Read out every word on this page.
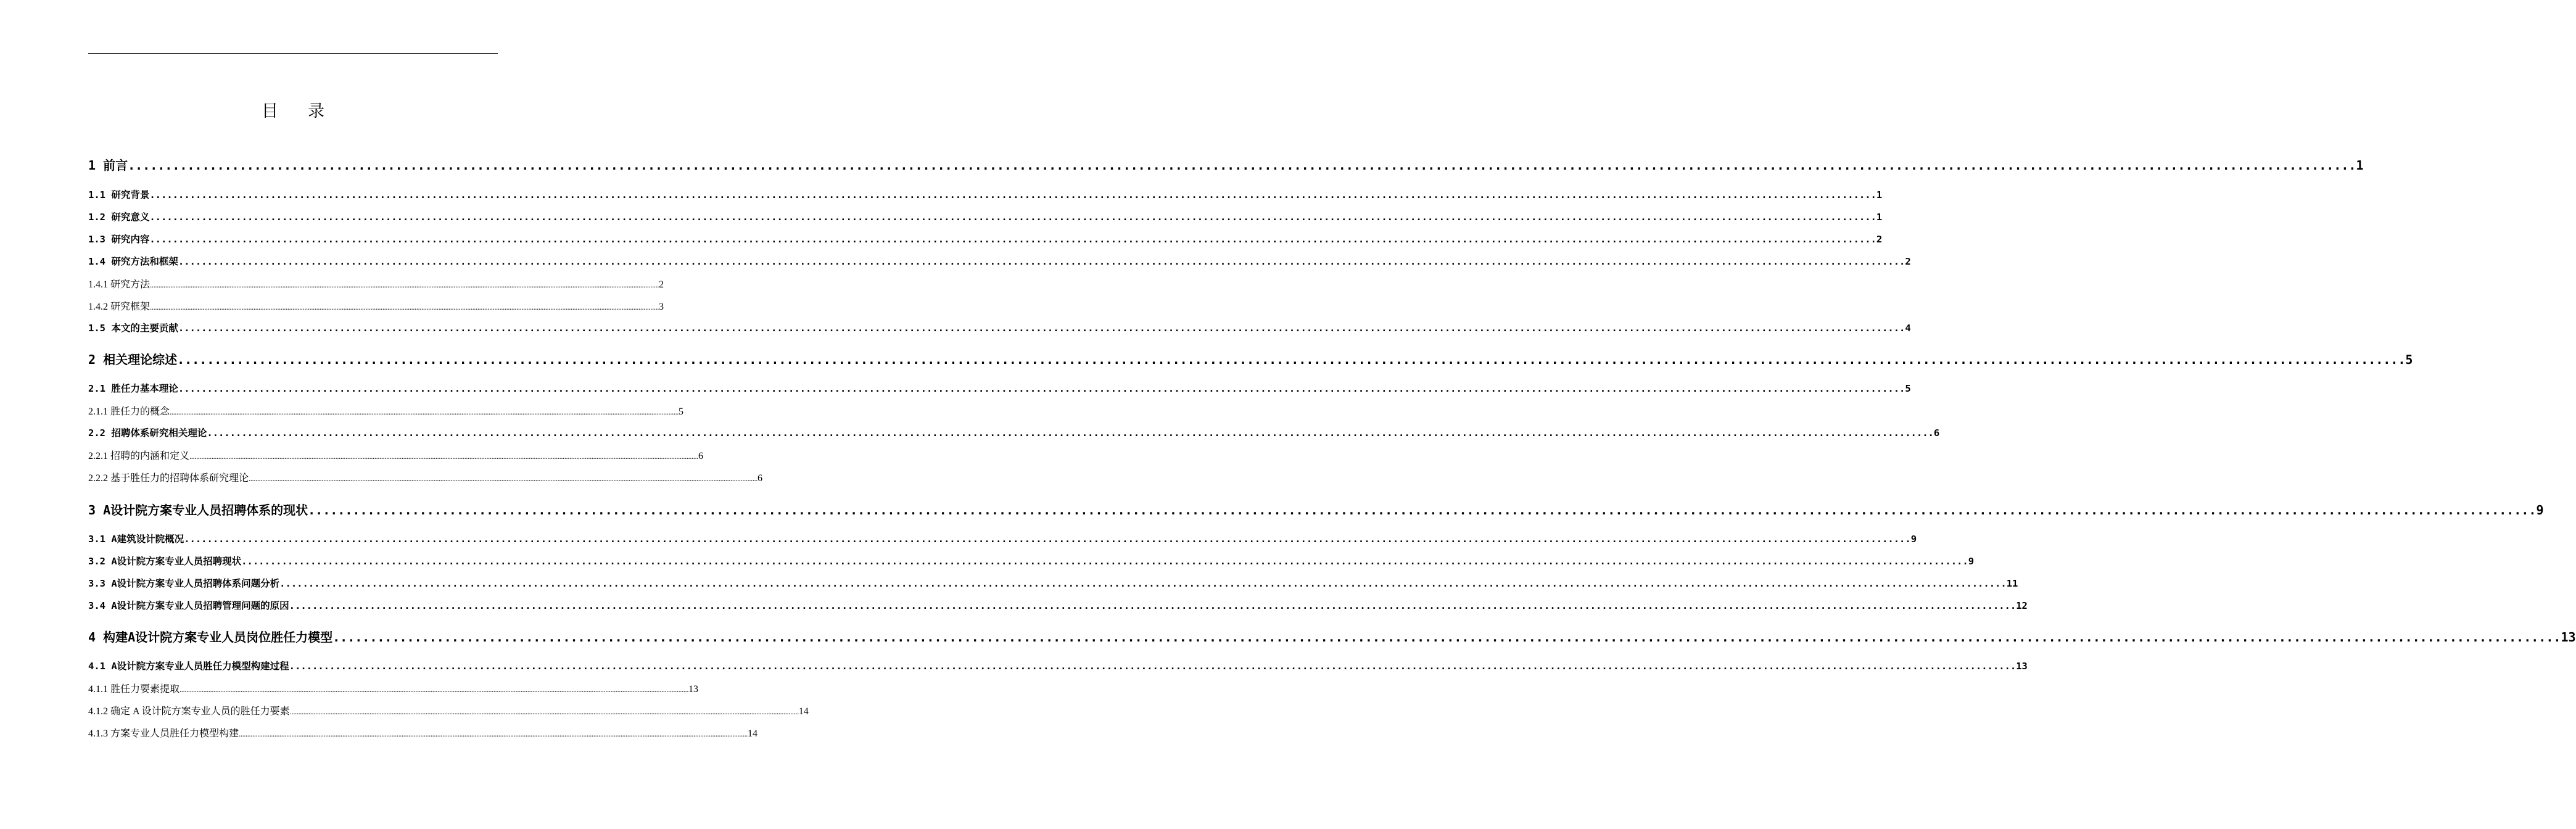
目录
1 前言 ............................................................................................................................................................................................................................................................................................................ 1
1.1 研究背景 ............................................................................................................................................................................................................................................................................................................ 1
1.2 研究意义 ............................................................................................................................................................................................................................................................................................................ 1
1.3 研究内容 ............................................................................................................................................................................................................................................................................................................ 2
1.4 研究方法和框架 ............................................................................................................................................................................................................................................................................................................ 2
1.4.1 研究方法 ............................................................................................................................................................................................................................................................................................................ 2
1.4.2 研究框架 ............................................................................................................................................................................................................................................................................................................ 3
1.5 本文的主要贡献 ............................................................................................................................................................................................................................................................................................................ 4
2 相关理论综述 ............................................................................................................................................................................................................................................................................................................ 5
2.1 胜任力基本理论 ............................................................................................................................................................................................................................................................................................................ 5
2.1.1 胜任力的概念 ............................................................................................................................................................................................................................................................................................................ 5
2.2 招聘体系研究相关理论 ............................................................................................................................................................................................................................................................................................................ 6
2.2.1 招聘的内涵和定义 ............................................................................................................................................................................................................................................................................................................ 6
2.2.2 基于胜任力的招聘体系研究理论 ............................................................................................................................................................................................................................................................................................................ 6
3 A设计院方案专业人员招聘体系的现状 ............................................................................................................................................................................................................................................................................................................ 9
3.1 A建筑设计院概况 ............................................................................................................................................................................................................................................................................................................ 9
3.2 A设计院方案专业人员招聘现状 ............................................................................................................................................................................................................................................................................................................ 9
3.3 A设计院方案专业人员招聘体系问题分析 ............................................................................................................................................................................................................................................................................................................ 11
3.4 A设计院方案专业人员招聘管理问题的原因 ............................................................................................................................................................................................................................................................................................................ 12
4 构建A设计院方案专业人员岗位胜任力模型 ............................................................................................................................................................................................................................................................................................................ 13
4.1 A设计院方案专业人员胜任力模型构建过程 ............................................................................................................................................................................................................................................................................................................ 13
4.1.1 胜任力要素提取 ............................................................................................................................................................................................................................................................................................................ 13
4.1.2 确定 A 设计院方案专业人员的胜任力要素 ............................................................................................................................................................................................................................................................................................................ 14
4.1.3 方案专业人员胜任力模型构建 ............................................................................................................................................................................................................................................................................................................ 14
